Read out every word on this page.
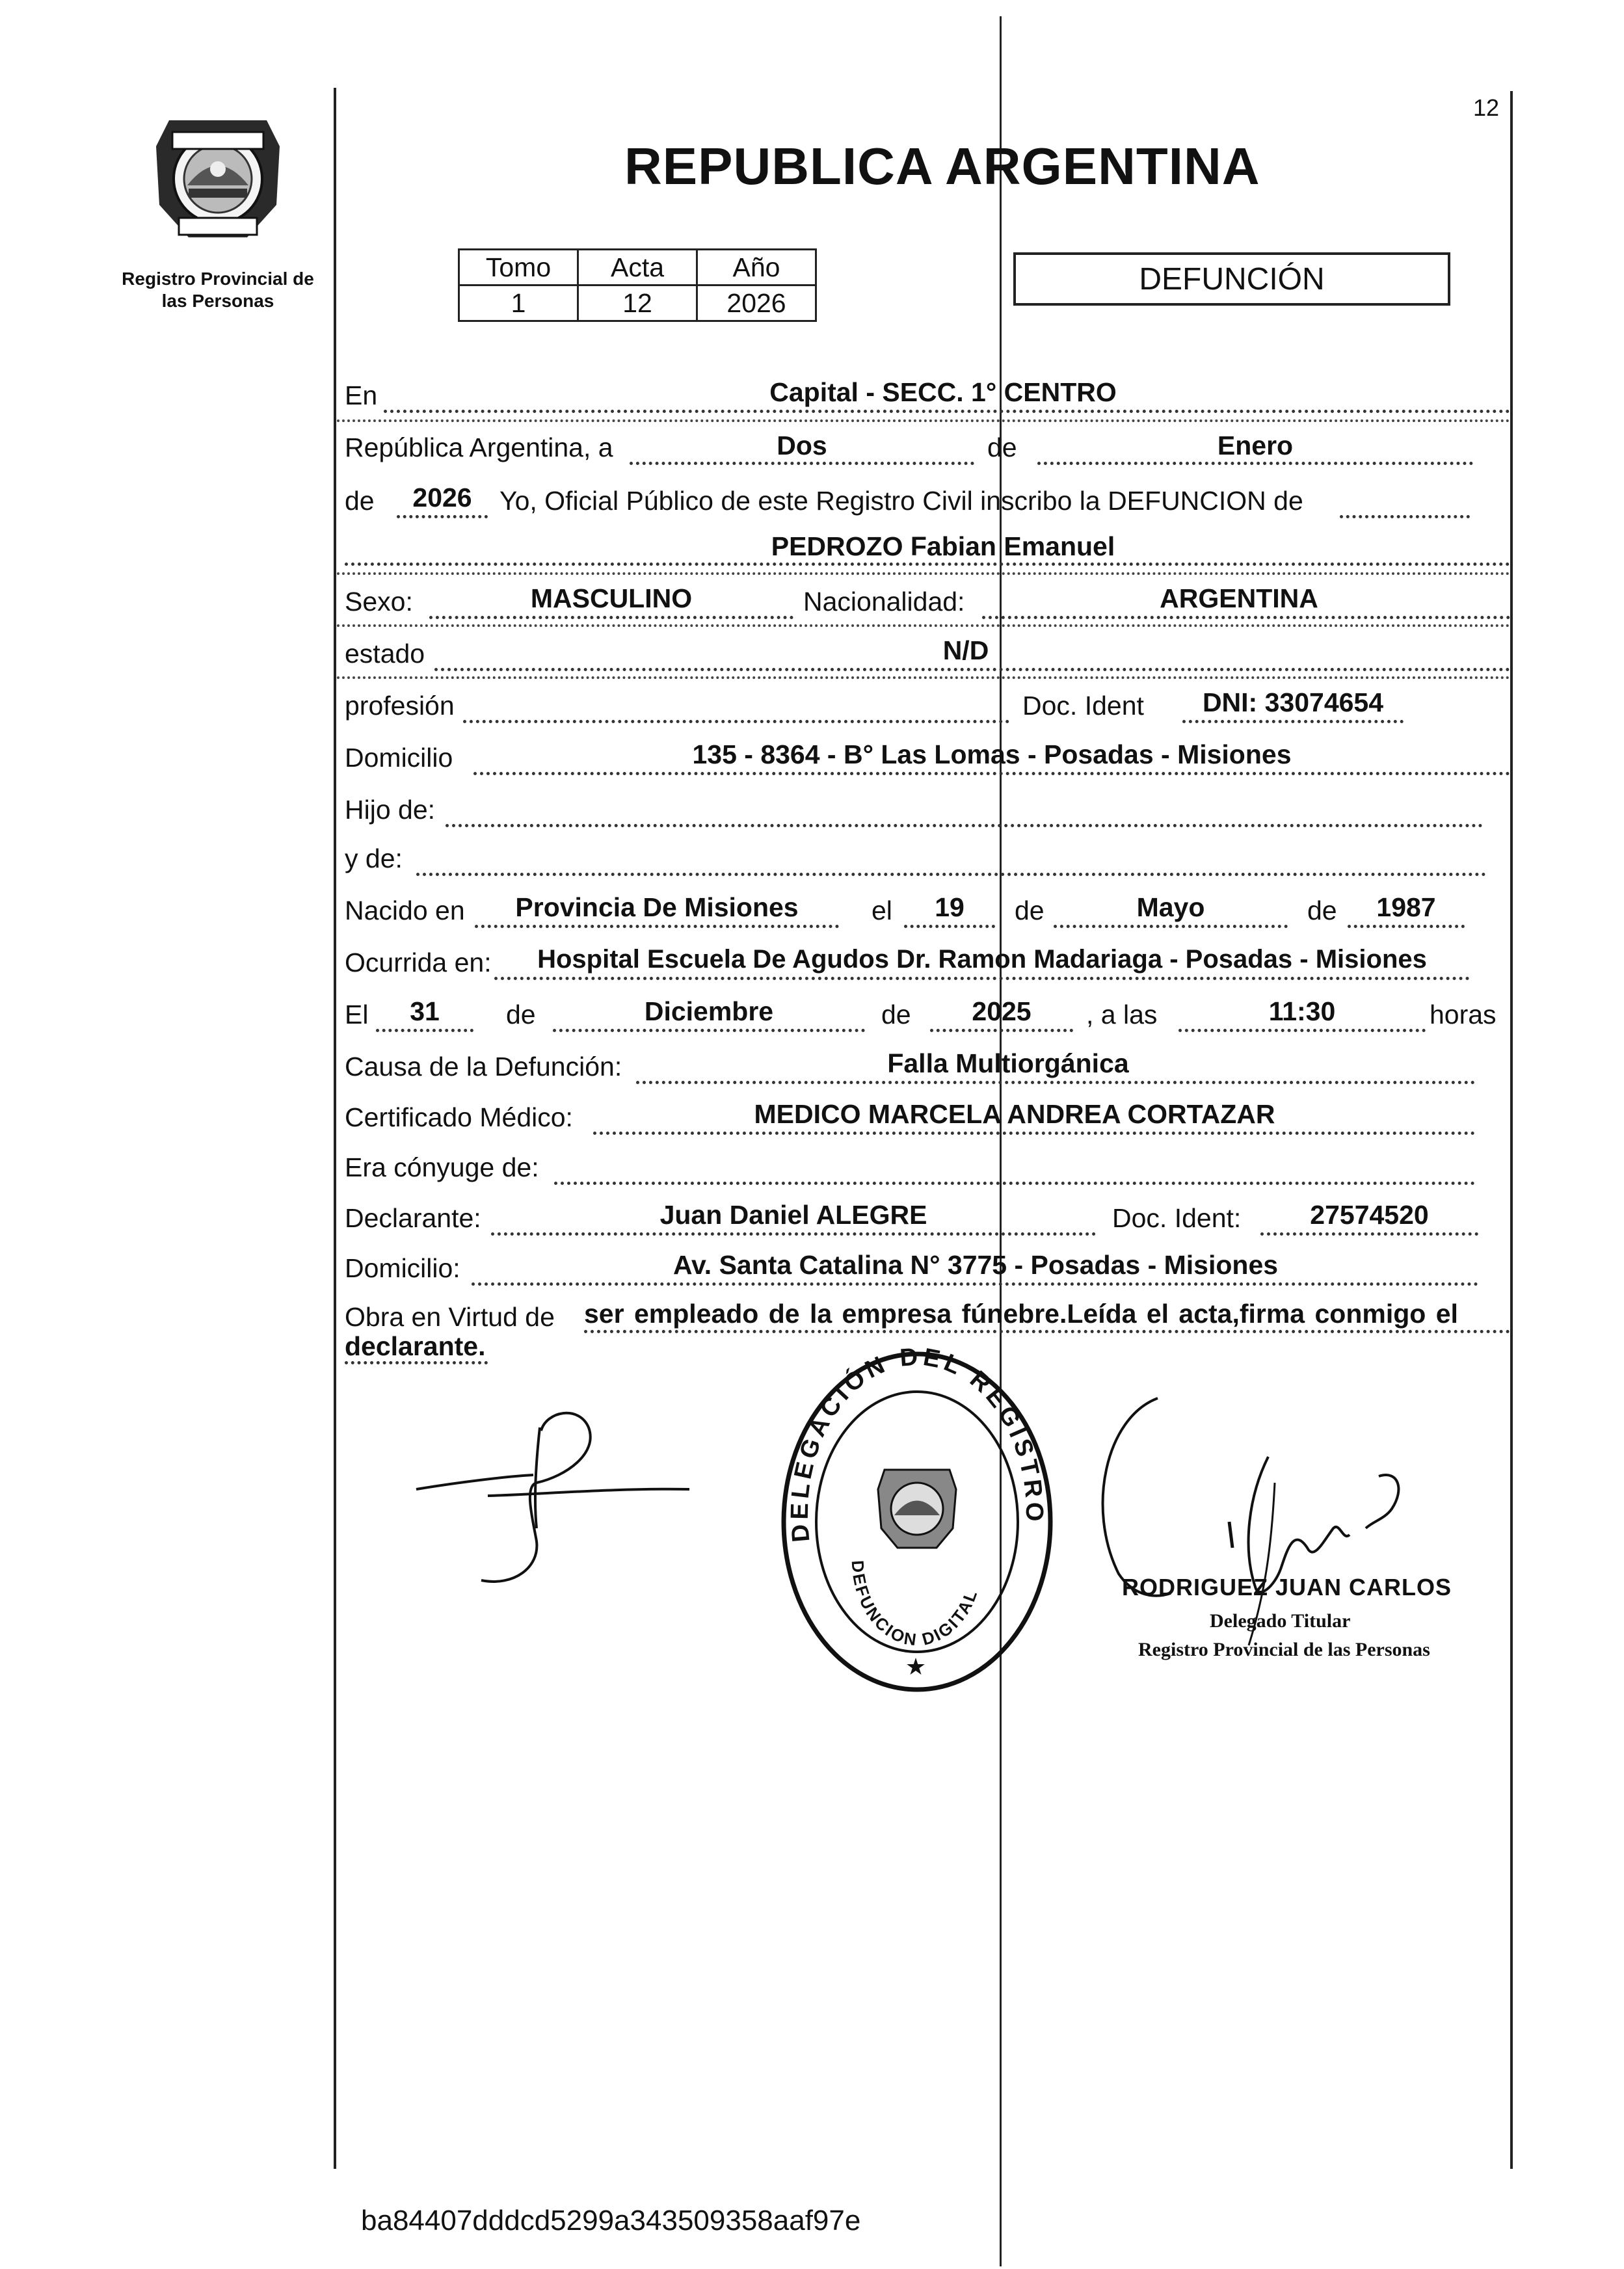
Registro Provincial de las Personas
12
REPUBLICA ARGENTINA
Tomo	Acta	Año
1	12	2026
DEFUNCIÓN
En	Capital - SECC. 1° CENTRO
República Argentina, a	Dos	de	Enero
de	2026	Yo, Oficial Público de este Registro Civil inscribo la DEFUNCION de
PEDROZO Fabian Emanuel
Sexo:	MASCULINO	Nacionalidad:	ARGENTINA
estado	N/D
profesión	Doc. Ident	DNI: 33074654
Domicilio	135 - 8364 - B° Las Lomas - Posadas - Misiones
Hijo de:
y de:
Nacido en	Provincia De Misiones	el	19	de	Mayo	de	1987
Ocurrida en:	Hospital Escuela De Agudos Dr. Ramon Madariaga - Posadas - Misiones
El	31	de	Diciembre	de	2025	, a las	11:30	horas
Causa de la Defunción:	Falla Multiorgánica
Certificado Médico:	MEDICO MARCELA ANDREA CORTAZAR
Era cónyuge de:
Declarante:	Juan Daniel ALEGRE	Doc. Ident:	27574520
Domicilio:	Av. Santa Catalina N° 3775 - Posadas - Misiones
Obra en Virtud de ser empleado de la empresa fúnebre.Leída el acta,firma conmigo el
declarante.
DELEGACIÓN DEL REGISTRO
DEFUNCION DIGITAL
★
RODRIGUEZ JUAN CARLOS
Delegado Titular
Registro Provincial de las Personas
ba84407dddcd5299a343509358aaf97e
